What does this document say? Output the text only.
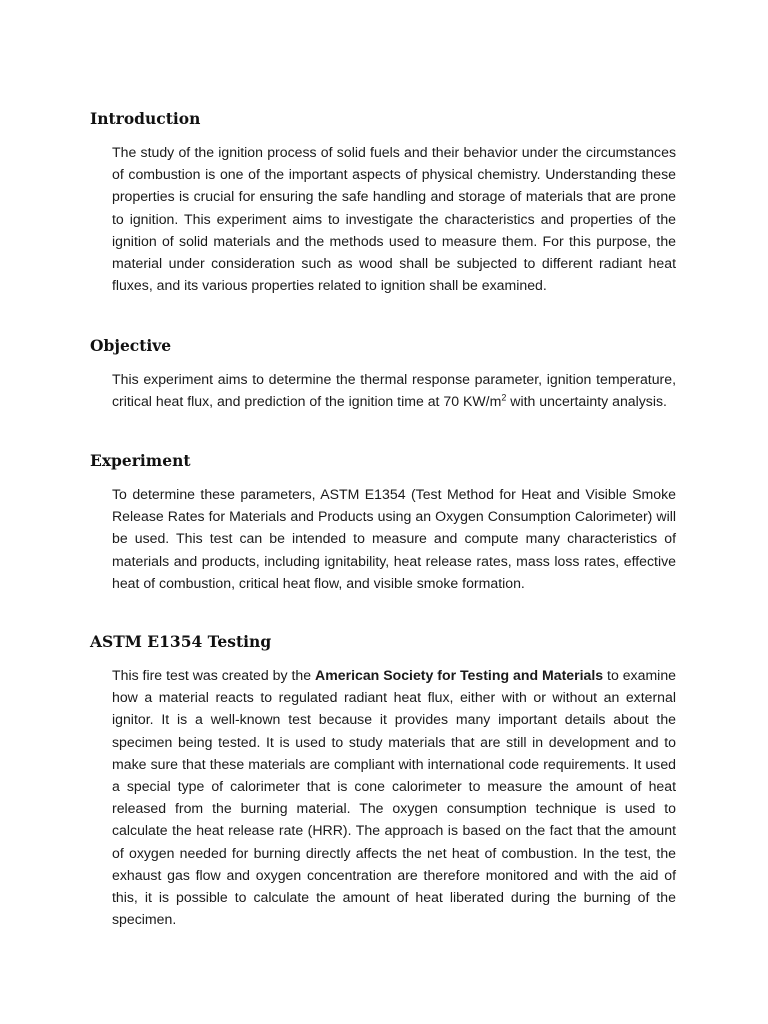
Introduction

The study of the ignition process of solid fuels and their behavior under the circumstances of combustion is one of the important aspects of physical chemistry. Understanding these properties is crucial for ensuring the safe handling and storage of materials that are prone to ignition. This experiment aims to investigate the characteristics and properties of the ignition of solid materials and the methods used to measure them. For this purpose, the material under consideration such as wood shall be subjected to different radiant heat fluxes, and its various properties related to ignition shall be examined.

Objective

This experiment aims to determine the thermal response parameter, ignition temperature, critical heat flux, and prediction of the ignition time at 70 $KW/m^2$ with uncertainty analysis.

Experiment

To determine these parameters, ASTM E1354 (Test Method for Heat and Visible Smoke Release Rates for Materials and Products using an Oxygen Consumption Calorimeter) will be used. This test can be intended to measure and compute many characteristics of materials and products, including ignitability, heat release rates, mass loss rates, effective heat of combustion, critical heat flow, and visible smoke formation.

ASTM E1354 Testing

This fire test was created by the American Society for Testing and Materials to examine how a material reacts to regulated radiant heat flux, either with or without an external ignitor. It is a well-known test because it provides many important details about the specimen being tested. It is used to study materials that are still in development and to make sure that these materials are compliant with international code requirements. It used a special type of calorimeter that is cone calorimeter to measure the amount of heat released from the burning material. The oxygen consumption technique is used to calculate the heat release rate (HRR). The approach is based on the fact that the amount of oxygen needed for burning directly affects the net heat of combustion. In the test, the exhaust gas flow and oxygen concentration are therefore monitored and with the aid of this, it is possible to calculate the amount of heat liberated during the burning of the specimen.
